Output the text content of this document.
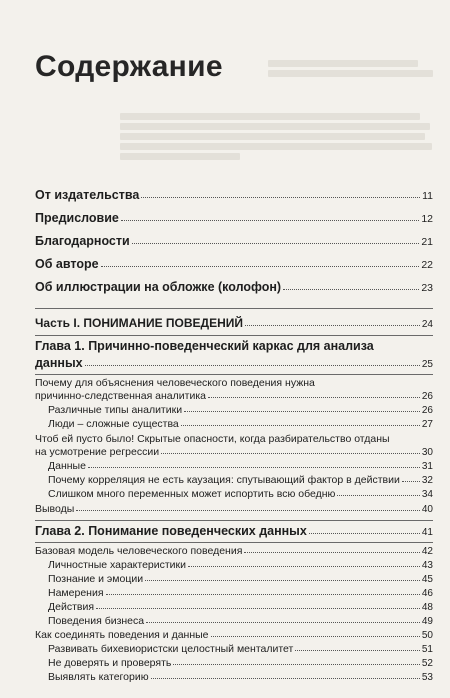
Содержание
От издательства	11
Предисловие	12
Благодарности	21
Об авторе	22
Об иллюстрации на обложке (колофон)	23
Часть I. ПОНИМАНИЕ ПОВЕДЕНИЙ	24
Глава 1. Причинно-поведенческий каркас для анализа
данных	25
Почему для объяснения человеческого поведения нужна
причинно-следственная аналитика	26
Различные типы аналитики	26
Люди – сложные существа	27
Чтоб ей пусто было! Скрытые опасности, когда разбирательство отданы
на усмотрение регрессии	30
Данные	31
Почему корреляция не есть каузация: спутывающий фактор в действии 32
Слишком много переменных может испортить всю обедню	34
Выводы	40
Глава 2. Понимание поведенческих данных	41
Базовая модель человеческого поведения	42
Личностные характеристики	43
Познание и эмоции	45
Намерения	46
Действия	48
Поведения бизнеса	49
Как соединять поведения и данные	50
Развивать бихевиористски целостный менталитет	51
Не доверять и проверять	52
Выявлять категорию	53
